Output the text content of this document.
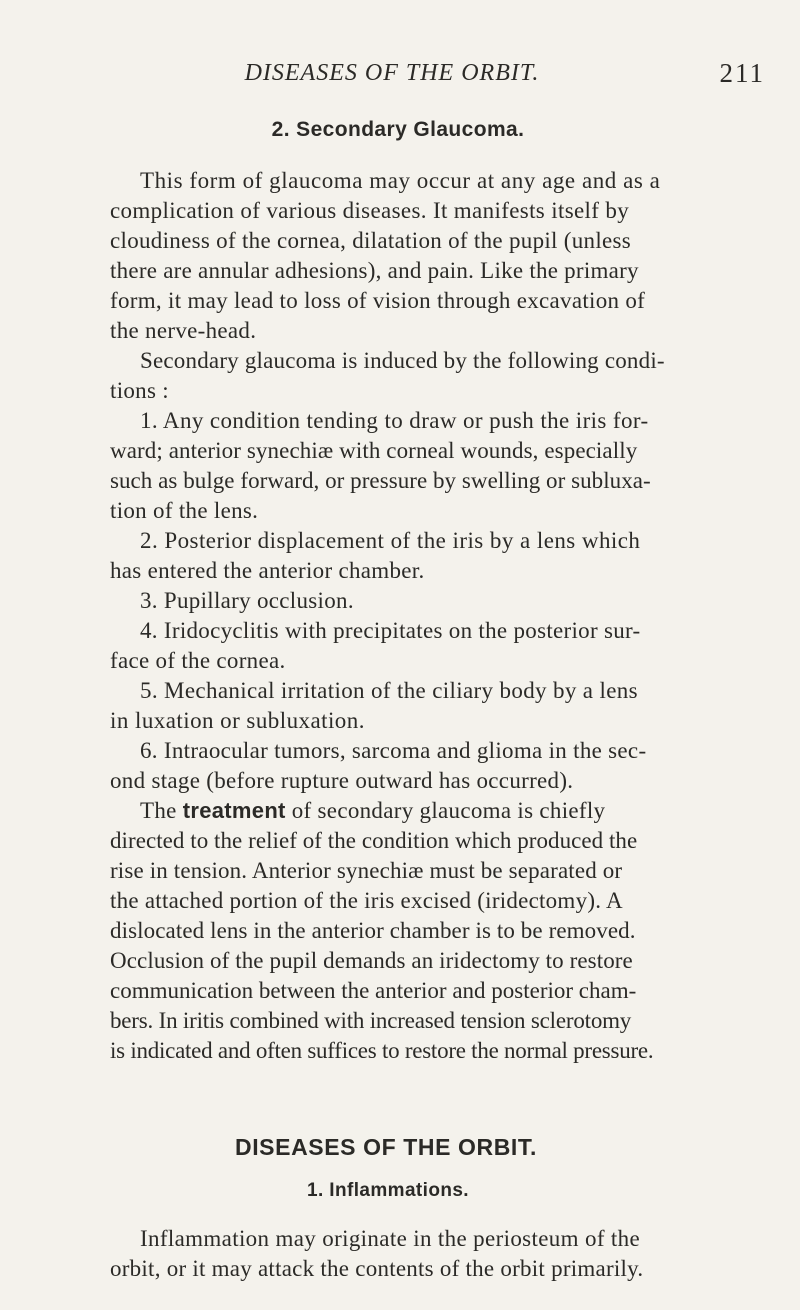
DISEASES OF THE ORBIT.	211
2. Secondary Glaucoma.
This form of glaucoma may occur at any age and as a
complication of various diseases. It manifests itself by
cloudiness of the cornea, dilatation of the pupil (unless
there are annular adhesions), and pain. Like the primary
form, it may lead to loss of vision through excavation of
the nerve-head.
Secondary glaucoma is induced by the following condi-
tions :
1. Any condition tending to draw or push the iris for-
ward; anterior synechiæ with corneal wounds, especially
such as bulge forward, or pressure by swelling or subluxa-
tion of the lens.
2. Posterior displacement of the iris by a lens which
has entered the anterior chamber.
3. Pupillary occlusion.
4. Iridocyclitis with precipitates on the posterior sur-
face of the cornea.
5. Mechanical irritation of the ciliary body by a lens
in luxation or subluxation.
6. Intraocular tumors, sarcoma and glioma in the sec-
ond stage (before rupture outward has occurred).
The treatment of secondary glaucoma is chiefly
directed to the relief of the condition which produced the
rise in tension. Anterior synechiæ must be separated or
the attached portion of the iris excised (iridectomy). A
dislocated lens in the anterior chamber is to be removed.
Occlusion of the pupil demands an iridectomy to restore
communication between the anterior and posterior cham-
bers. In iritis combined with increased tension sclerotomy
is indicated and often suffices to restore the normal pressure.
DISEASES OF THE ORBIT.
1. Inflammations.
Inflammation may originate in the periosteum of the
orbit, or it may attack the contents of the orbit primarily.
